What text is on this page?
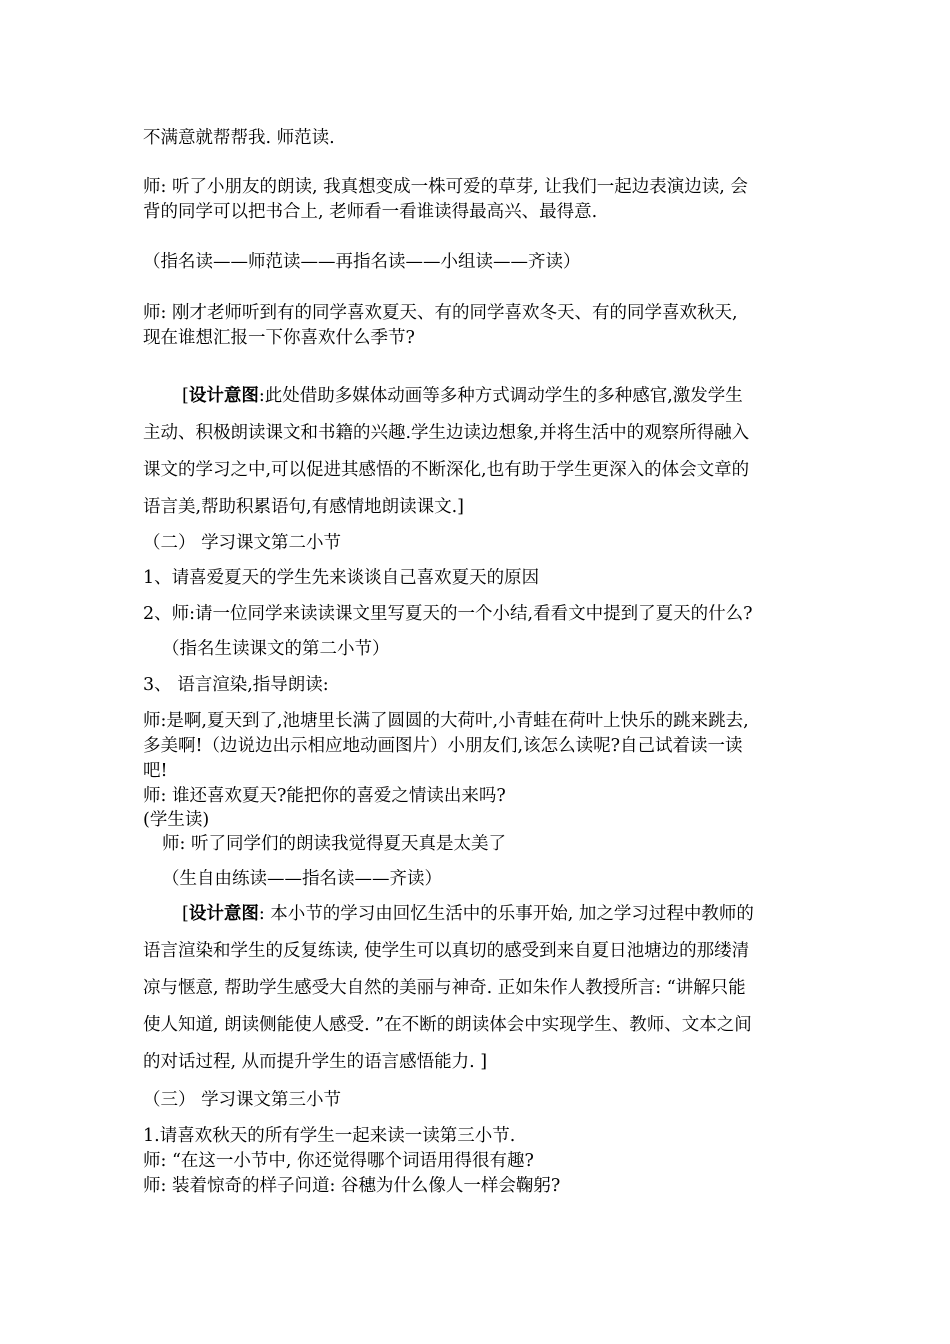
不满意就帮帮我. 师范读.
师: 听了小朋友的朗读, 我真想变成一株可爱的草芽, 让我们一起边表演边读, 会
背的同学可以把书合上, 老师看一看谁读得最高兴、最得意.
（指名读——师范读——再指名读——小组读——齐读）
师: 刚才老师听到有的同学喜欢夏天、有的同学喜欢冬天、有的同学喜欢秋天,
现在谁想汇报一下你喜欢什么季节?
[设计意图:此处借助多媒体动画等多种方式调动学生的多种感官,激发学生
主动、积极朗读课文和书籍的兴趣.学生边读边想象,并将生活中的观察所得融入
课文的学习之中,可以促进其感悟的不断深化,也有助于学生更深入的体会文章的
语言美,帮助积累语句,有感情地朗读课文.]
（二） 学习课文第二小节
1、请喜爱夏天的学生先来谈谈自己喜欢夏天的原因
2、师:请一位同学来读读课文里写夏天的一个小结,看看文中提到了夏天的什么?
（指名生读课文的第二小节）
3、 语言渲染,指导朗读:
师:是啊,夏天到了,池塘里长满了圆圆的大荷叶,小青蛙在荷叶上快乐的跳来跳去,
多美啊!（边说边出示相应地动画图片）小朋友们,该怎么读呢?自己试着读一读
吧!
师: 谁还喜欢夏天?能把你的喜爱之情读出来吗?
(学生读)
师: 听了同学们的朗读我觉得夏天真是太美了
（生自由练读——指名读——齐读）
[设计意图: 本小节的学习由回忆生活中的乐事开始, 加之学习过程中教师的
语言渲染和学生的反复练读, 使学生可以真切的感受到来自夏日池塘边的那缕清
凉与惬意, 帮助学生感受大自然的美丽与神奇. 正如朱作人教授所言: “讲解只能
使人知道, 朗读侧能使人感受. ”在不断的朗读体会中实现学生、教师、文本之间
的对话过程, 从而提升学生的语言感悟能力. ]
（三） 学习课文第三小节
1.请喜欢秋天的所有学生一起来读一读第三小节.
师: “在这一小节中, 你还觉得哪个词语用得很有趣?
师: 装着惊奇的样子问道: 谷穗为什么像人一样会鞠躬?
